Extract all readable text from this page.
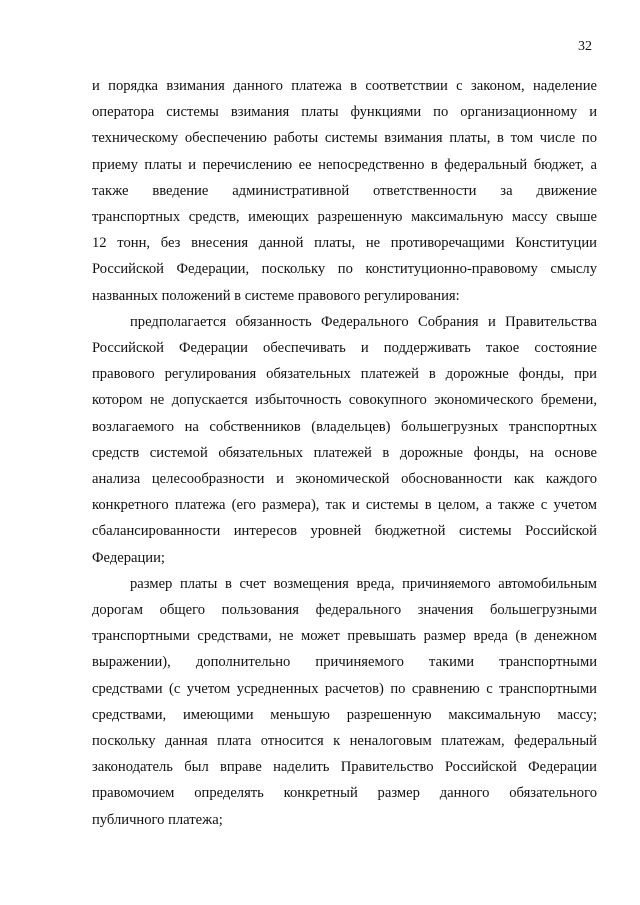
32

и порядка взимания данного платежа в соответствии с законом, наделение
оператора системы взимания платы функциями по организационному и
техническому обеспечению работы системы взимания платы, в том числе по
приему платы и перечислению ее непосредственно в федеральный бюджет, а
также введение административной ответственности за движение
транспортных средств, имеющих разрешенную максимальную массу свыше
12 тонн, без внесения данной платы, не противоречащими Конституции
Российской Федерации, поскольку по конституционно-правовому смыслу
названных положений в системе правового регулирования:

предполагается обязанность Федерального Собрания и Правительства
Российской Федерации обеспечивать и поддерживать такое состояние
правового регулирования обязательных платежей в дорожные фонды, при
котором не допускается избыточность совокупного экономического бремени,
возлагаемого на собственников (владельцев) большегрузных транспортных
средств системой обязательных платежей в дорожные фонды, на основе
анализа целесообразности и экономической обоснованности как каждого
конкретного платежа (его размера), так и системы в целом, а также с учетом
сбалансированности интересов уровней бюджетной системы Российской
Федерации;

размер платы в счет возмещения вреда, причиняемого автомобильным
дорогам общего пользования федерального значения большегрузными
транспортными средствами, не может превышать размер вреда (в денежном
выражении), дополнительно причиняемого такими транспортными
средствами (с учетом усредненных расчетов) по сравнению с транспортными
средствами, имеющими меньшую разрешенную максимальную массу;
поскольку данная плата относится к неналоговым платежам, федеральный
законодатель был вправе наделить Правительство Российской Федерации
правомочием определять конкретный размер данного обязательного
публичного платежа;
